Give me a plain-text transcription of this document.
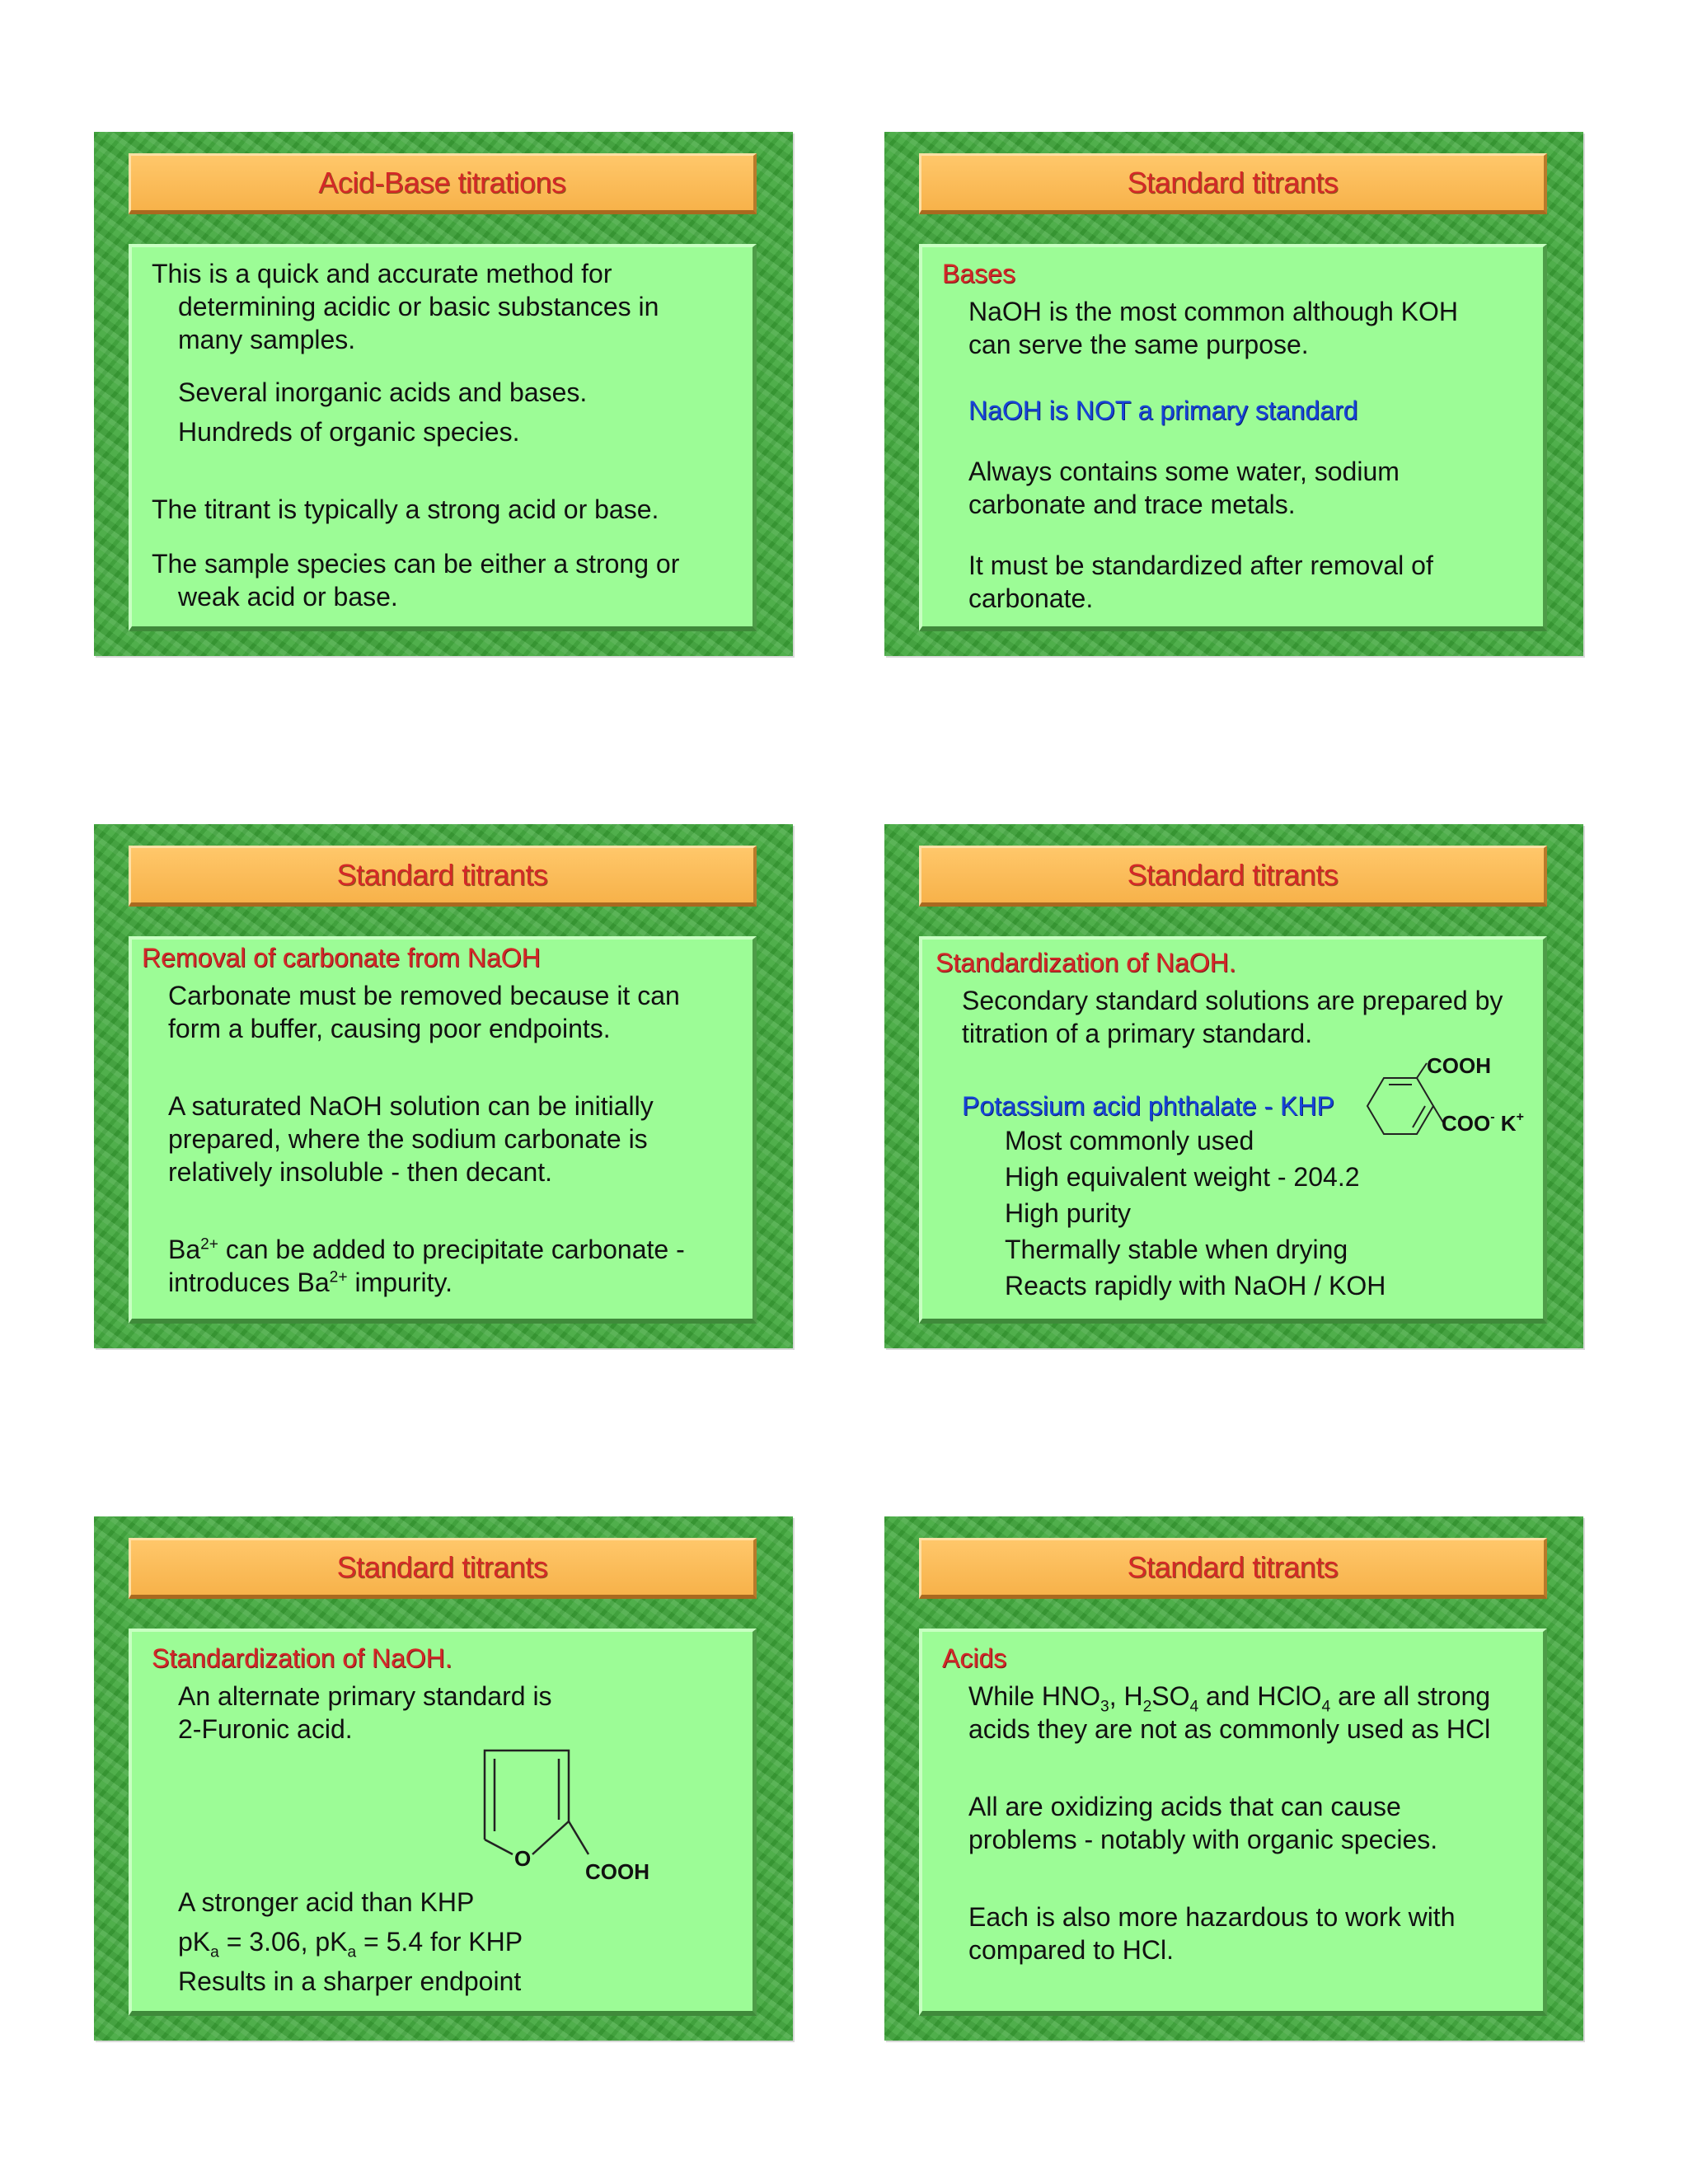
Acid-Base titrations
This is a quick and accurate method for
determining acidic or basic substances in
many samples.
Several inorganic acids and bases.
Hundreds of organic species.
The titrant is typically a strong acid or base.
The sample species can be either a strong or
weak acid or base.
Standard titrants
Bases
NaOH is the most common although KOH
can serve the same purpose.
NaOH is NOT a primary standard
Always contains some water, sodium
carbonate and trace metals.
It must be standardized after removal of
carbonate.
Standard titrants
Removal of carbonate from NaOH
Carbonate must be removed because it can
form a buffer, causing poor endpoints.
A saturated NaOH solution can be initially
prepared, where the sodium carbonate is
relatively insoluble - then decant.
$Ba^{2+}$ can be added to precipitate carbonate -
introduces $Ba^{2+}$ impurity.
Standard titrants
Standardization of NaOH.
Secondary standard solutions are prepared by
titration of a primary standard.
Potassium acid phthalate - KHP
Most commonly used
High equivalent weight - 204.2
High purity
Thermally stable when drying
Reacts rapidly with NaOH / KOH
COOH
COO- K+
Standard titrants
Standardization of NaOH.
An alternate primary standard is
2-Furonic acid.
O
COOH
A stronger acid than KHP
$pK_a = 3.06$, $pK_a = 5.4$ for KHP
Results in a sharper endpoint
Standard titrants
Acids
While $HNO_3$, $H_2SO_4$ and HClO$_4$ are all strong
acids they are not as commonly used as HCl
All are oxidizing acids that can cause
problems - notably with organic species.
Each is also more hazardous to work with
compared to HCl.
